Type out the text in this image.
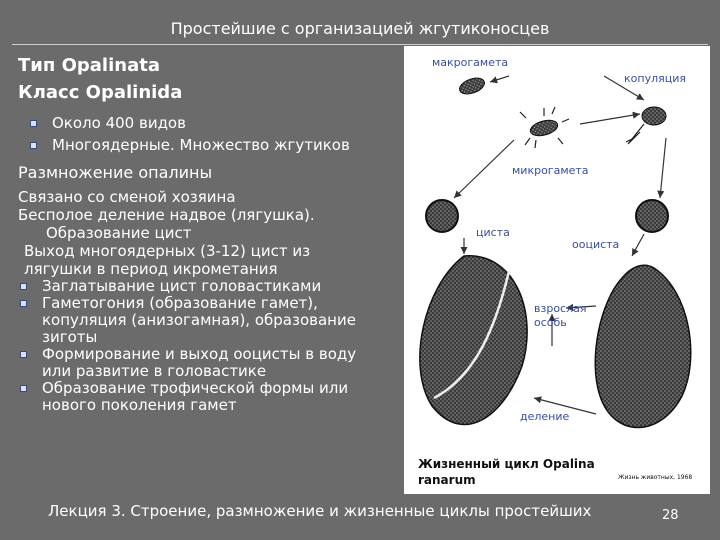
Простейшие с организацией жгутиконосцев
Тип Opalinata
Класс Opalinida
Около 400 видов
Многоядерные. Множество жгутиков
Размножение опалины
Связано со сменой хозяина
Бесполое деление надвое (лягушка).
Образование цист
Выход многоядерных (3-12) цист из лягушки в период икрометания
Заглатывание цист головастиками
Гаметогония (образование гамет), копуляция (анизогамная), образование зиготы
Формирование и выход ооцисты в воду или развитие в головастике
Образование трофической формы или нового поколения гамет
макрогамета
копуляция
микрогамета
циста
ооциста
взрослая особь
деление
Жизненный цикл Opalina ranarum	Жизнь животных, 1968
Лекция 3. Строение, размножение и жизненные циклы простейших	28
